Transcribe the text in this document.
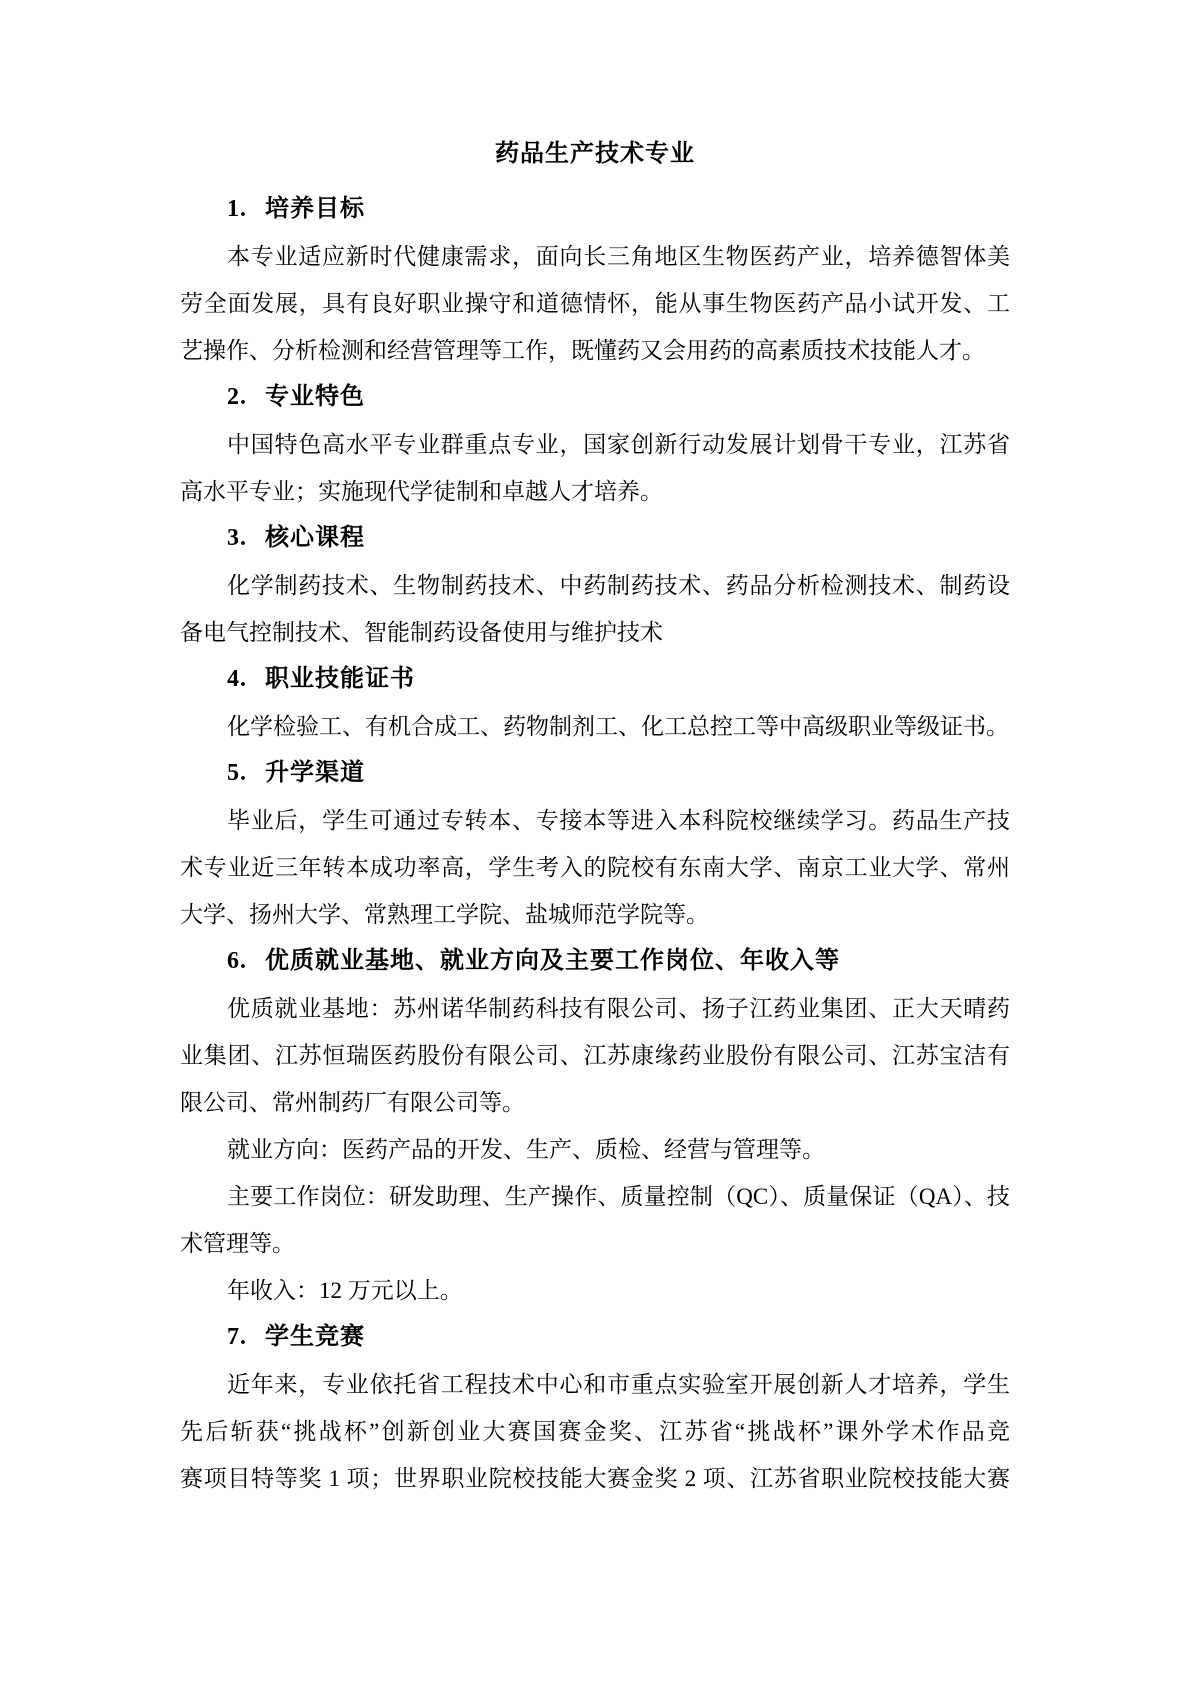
药品生产技术专业
1. 培养目标
本专业适应新时代健康需求，面向长三角地区生物医药产业，培养德智体美
劳全面发展，具有良好职业操守和道德情怀，能从事生物医药产品小试开发、工
艺操作、分析检测和经营管理等工作，既懂药又会用药的高素质技术技能人才。
2. 专业特色
中国特色高水平专业群重点专业，国家创新行动发展计划骨干专业，江苏省
高水平专业；实施现代学徒制和卓越人才培养。
3. 核心课程
化学制药技术、生物制药技术、中药制药技术、药品分析检测技术、制药设
备电气控制技术、智能制药设备使用与维护技术
4. 职业技能证书
化学检验工、有机合成工、药物制剂工、化工总控工等中高级职业等级证书。
5. 升学渠道
毕业后，学生可通过专转本、专接本等进入本科院校继续学习。药品生产技
术专业近三年转本成功率高，学生考入的院校有东南大学、南京工业大学、常州
大学、扬州大学、常熟理工学院、盐城师范学院等。
6. 优质就业基地、就业方向及主要工作岗位、年收入等
优质就业基地：苏州诺华制药科技有限公司、扬子江药业集团、正大天晴药
业集团、江苏恒瑞医药股份有限公司、江苏康缘药业股份有限公司、江苏宝洁有
限公司、常州制药厂有限公司等。
就业方向：医药产品的开发、生产、质检、经营与管理等。
主要工作岗位：研发助理、生产操作、质量控制（QC）、质量保证（QA）、技
术管理等。
年收入：12 万元以上。
7. 学生竞赛
近年来，专业依托省工程技术中心和市重点实验室开展创新人才培养，学生
先后斩获“挑战杯”创新创业大赛国赛金奖、江苏省“挑战杯”课外学术作品竞
赛项目特等奖 1 项；世界职业院校技能大赛金奖 2 项、江苏省职业院校技能大赛
